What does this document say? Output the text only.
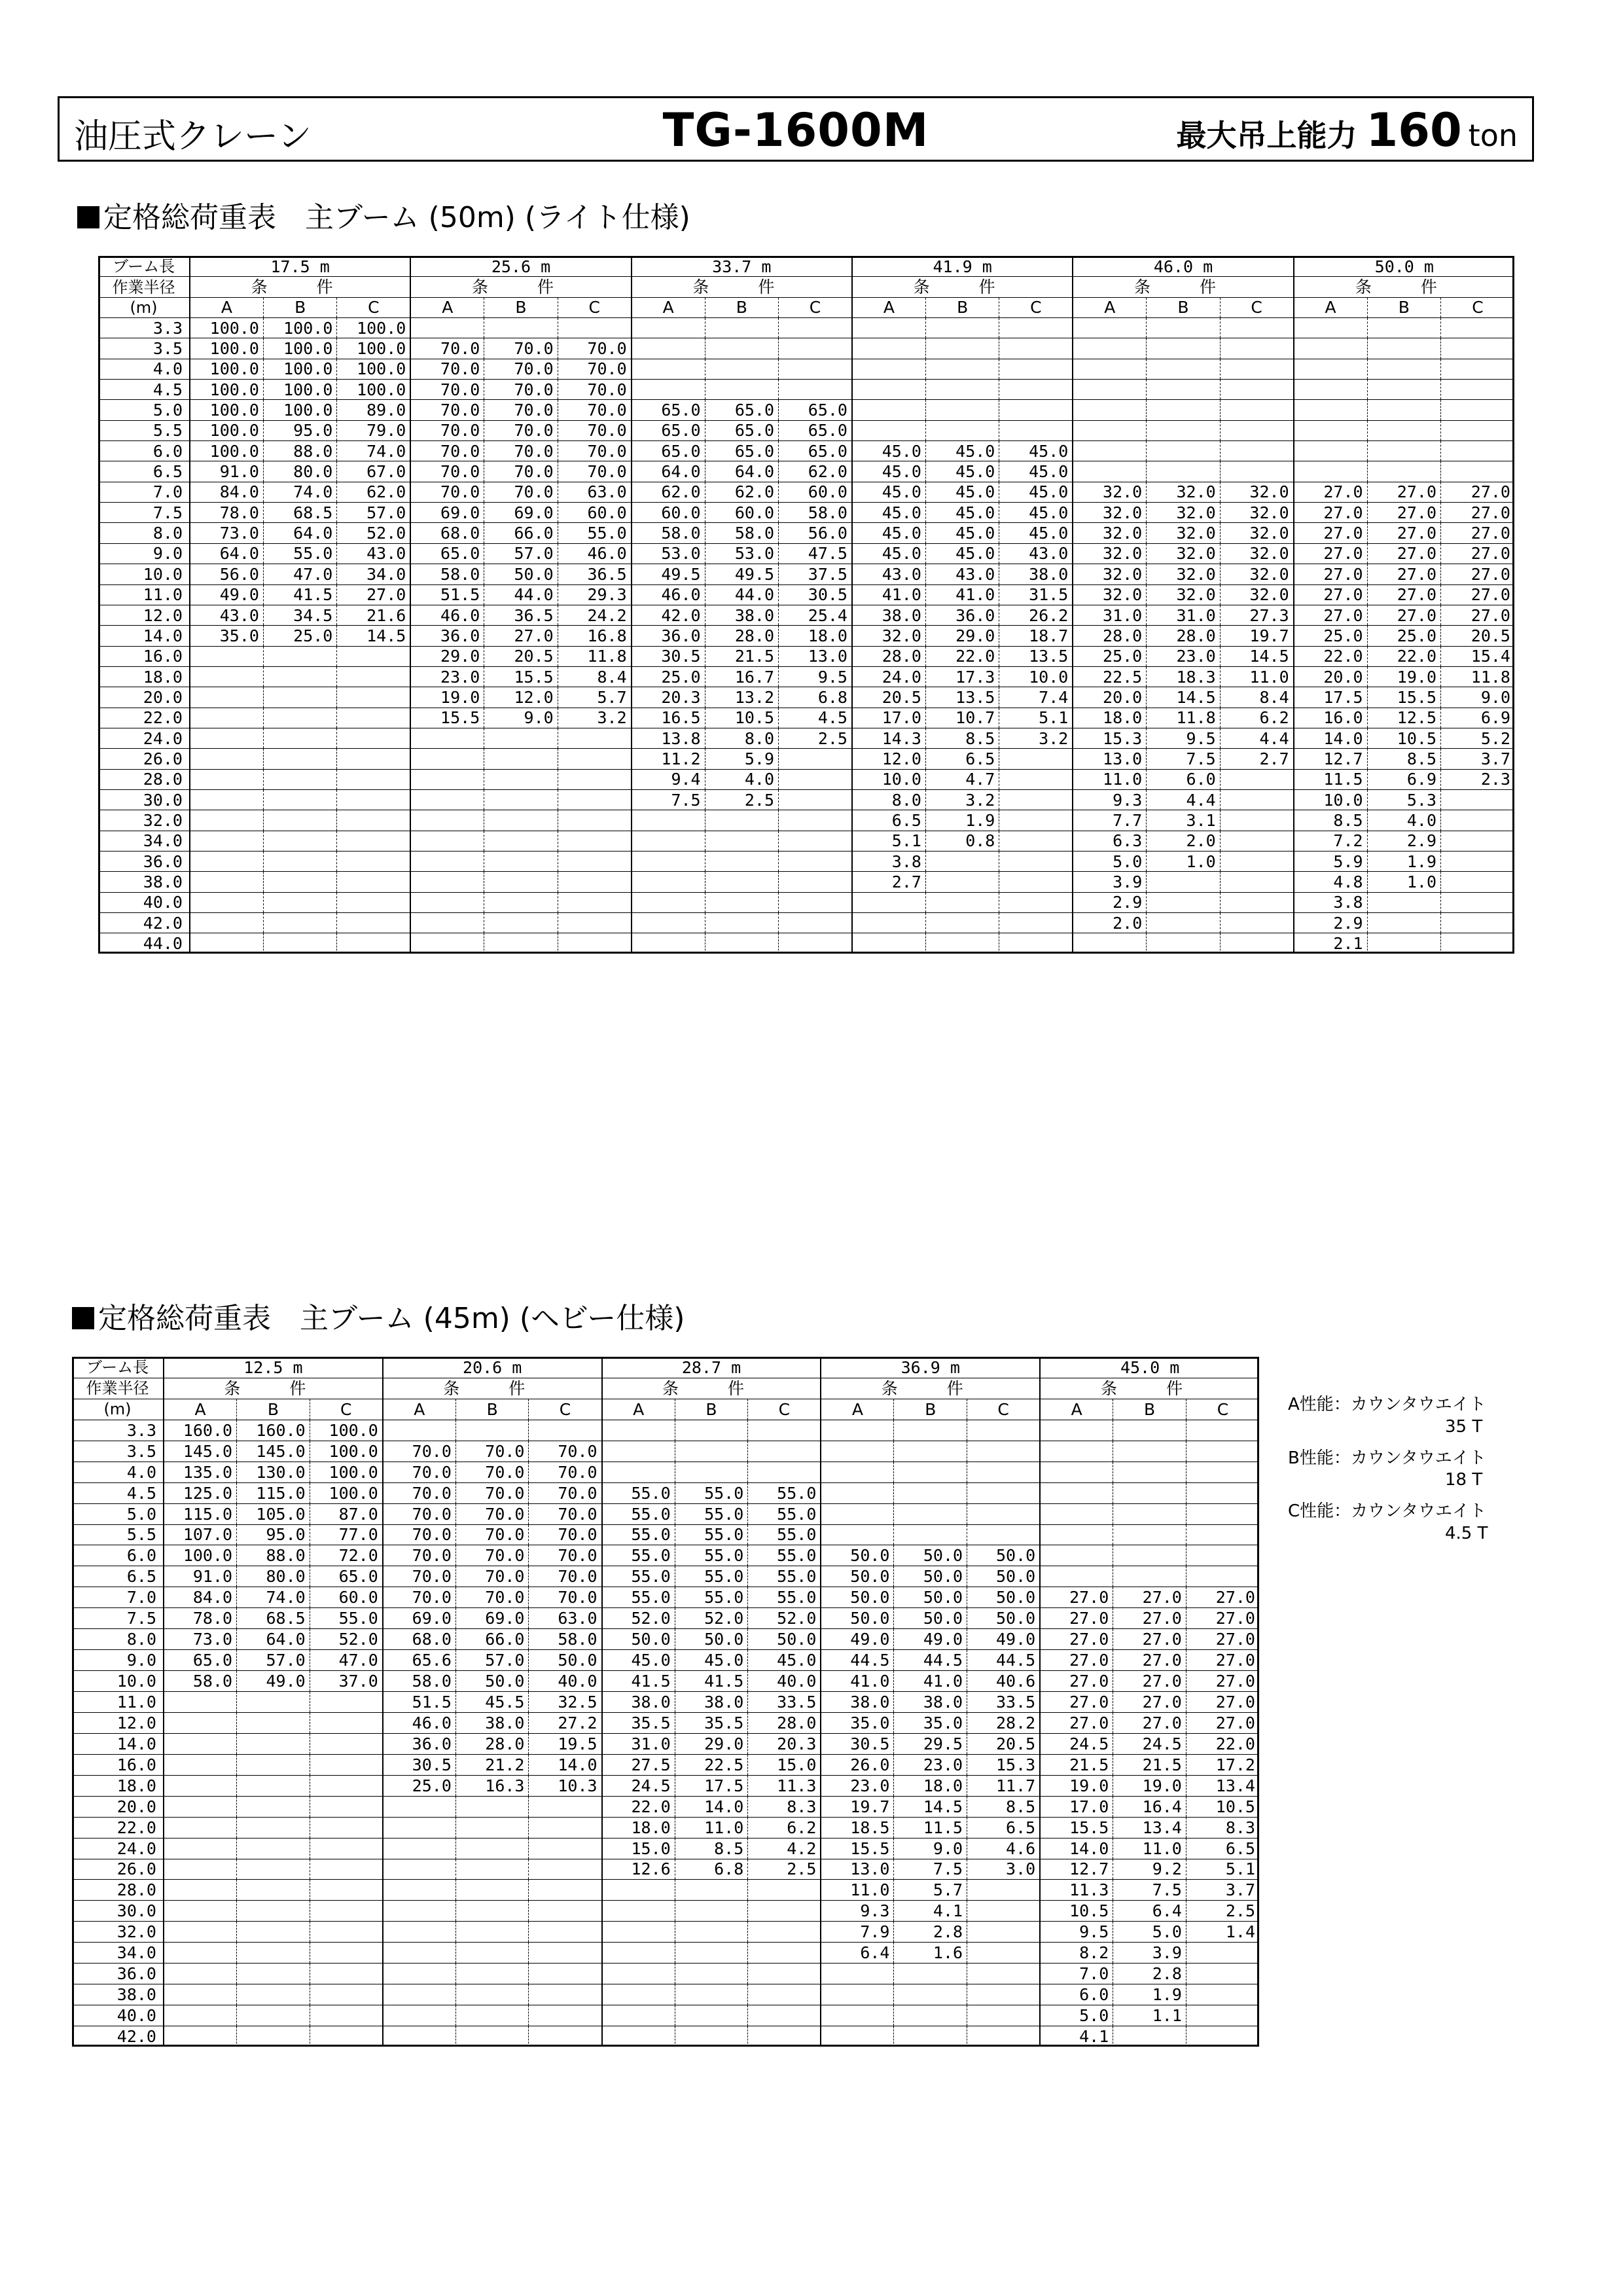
油圧式クレーン	TG-1600M	最大吊上能力 160 ton
定格総荷重表　主ブーム (50m) (ライト仕様)
ブーム長	17.5 m			25.6 m			33.7 m			41.9 m			46.0 m			50.0 m		
作業半径	条　件			条　件			条　件			条　件			条　件			条　件		
(m)	A	B	C	A	B	C	A	B	C	A	B	C	A	B	C	A	B	C
3.3	100.0	100.0	100.0															
3.5	100.0	100.0	100.0	70.0	70.0	70.0												
4.0	100.0	100.0	100.0	70.0	70.0	70.0												
4.5	100.0	100.0	100.0	70.0	70.0	70.0												
5.0	100.0	100.0	89.0	70.0	70.0	70.0	65.0	65.0	65.0									
5.5	100.0	95.0	79.0	70.0	70.0	70.0	65.0	65.0	65.0									
6.0	100.0	88.0	74.0	70.0	70.0	70.0	65.0	65.0	65.0	45.0	45.0	45.0						
6.5	91.0	80.0	67.0	70.0	70.0	70.0	64.0	64.0	62.0	45.0	45.0	45.0						
7.0	84.0	74.0	62.0	70.0	70.0	63.0	62.0	62.0	60.0	45.0	45.0	45.0	32.0	32.0	32.0	27.0	27.0	27.0
7.5	78.0	68.5	57.0	69.0	69.0	60.0	60.0	60.0	58.0	45.0	45.0	45.0	32.0	32.0	32.0	27.0	27.0	27.0
8.0	73.0	64.0	52.0	68.0	66.0	55.0	58.0	58.0	56.0	45.0	45.0	45.0	32.0	32.0	32.0	27.0	27.0	27.0
9.0	64.0	55.0	43.0	65.0	57.0	46.0	53.0	53.0	47.5	45.0	45.0	43.0	32.0	32.0	32.0	27.0	27.0	27.0
10.0	56.0	47.0	34.0	58.0	50.0	36.5	49.5	49.5	37.5	43.0	43.0	38.0	32.0	32.0	32.0	27.0	27.0	27.0
11.0	49.0	41.5	27.0	51.5	44.0	29.3	46.0	44.0	30.5	41.0	41.0	31.5	32.0	32.0	32.0	27.0	27.0	27.0
12.0	43.0	34.5	21.6	46.0	36.5	24.2	42.0	38.0	25.4	38.0	36.0	26.2	31.0	31.0	27.3	27.0	27.0	27.0
14.0	35.0	25.0	14.5	36.0	27.0	16.8	36.0	28.0	18.0	32.0	29.0	18.7	28.0	28.0	19.7	25.0	25.0	20.5
16.0				29.0	20.5	11.8	30.5	21.5	13.0	28.0	22.0	13.5	25.0	23.0	14.5	22.0	22.0	15.4
18.0				23.0	15.5	8.4	25.0	16.7	9.5	24.0	17.3	10.0	22.5	18.3	11.0	20.0	19.0	11.8
20.0				19.0	12.0	5.7	20.3	13.2	6.8	20.5	13.5	7.4	20.0	14.5	8.4	17.5	15.5	9.0
22.0				15.5	9.0	3.2	16.5	10.5	4.5	17.0	10.7	5.1	18.0	11.8	6.2	16.0	12.5	6.9
24.0							13.8	8.0	2.5	14.3	8.5	3.2	15.3	9.5	4.4	14.0	10.5	5.2
26.0							11.2	5.9		12.0	6.5		13.0	7.5	2.7	12.7	8.5	3.7
28.0							9.4	4.0		10.0	4.7		11.0	6.0		11.5	6.9	2.3
30.0							7.5	2.5		8.0	3.2		9.3	4.4		10.0	5.3	
32.0										6.5	1.9		7.7	3.1		8.5	4.0	
34.0										5.1	0.8		6.3	2.0		7.2	2.9	
36.0										3.8			5.0	1.0		5.9	1.9	
38.0										2.7			3.9			4.8	1.0	
40.0													2.9			3.8		
42.0													2.0			2.9		
44.0																2.1		
定格総荷重表　主ブーム (45m) (ヘビー仕様)
ブーム長	12.5 m			20.6 m			28.7 m			36.9 m			45.0 m		
作業半径	条　件			条　件			条　件			条　件			条　件		
(m)	A	B	C	A	B	C	A	B	C	A	B	C	A	B	C
3.3	160.0	160.0	100.0												
3.5	145.0	145.0	100.0	70.0	70.0	70.0									
4.0	135.0	130.0	100.0	70.0	70.0	70.0									
4.5	125.0	115.0	100.0	70.0	70.0	70.0	55.0	55.0	55.0						
5.0	115.0	105.0	87.0	70.0	70.0	70.0	55.0	55.0	55.0						
5.5	107.0	95.0	77.0	70.0	70.0	70.0	55.0	55.0	55.0						
6.0	100.0	88.0	72.0	70.0	70.0	70.0	55.0	55.0	55.0	50.0	50.0	50.0			
6.5	91.0	80.0	65.0	70.0	70.0	70.0	55.0	55.0	55.0	50.0	50.0	50.0			
7.0	84.0	74.0	60.0	70.0	70.0	70.0	55.0	55.0	55.0	50.0	50.0	50.0	27.0	27.0	27.0
7.5	78.0	68.5	55.0	69.0	69.0	63.0	52.0	52.0	52.0	50.0	50.0	50.0	27.0	27.0	27.0
8.0	73.0	64.0	52.0	68.0	66.0	58.0	50.0	50.0	50.0	49.0	49.0	49.0	27.0	27.0	27.0
9.0	65.0	57.0	47.0	65.6	57.0	50.0	45.0	45.0	45.0	44.5	44.5	44.5	27.0	27.0	27.0
10.0	58.0	49.0	37.0	58.0	50.0	40.0	41.5	41.5	40.0	41.0	41.0	40.6	27.0	27.0	27.0
11.0				51.5	45.5	32.5	38.0	38.0	33.5	38.0	38.0	33.5	27.0	27.0	27.0
12.0				46.0	38.0	27.2	35.5	35.5	28.0	35.0	35.0	28.2	27.0	27.0	27.0
14.0				36.0	28.0	19.5	31.0	29.0	20.3	30.5	29.5	20.5	24.5	24.5	22.0
16.0				30.5	21.2	14.0	27.5	22.5	15.0	26.0	23.0	15.3	21.5	21.5	17.2
18.0				25.0	16.3	10.3	24.5	17.5	11.3	23.0	18.0	11.7	19.0	19.0	13.4
20.0							22.0	14.0	8.3	19.7	14.5	8.5	17.0	16.4	10.5
22.0							18.0	11.0	6.2	18.5	11.5	6.5	15.5	13.4	8.3
24.0							15.0	8.5	4.2	15.5	9.0	4.6	14.0	11.0	6.5
26.0							12.6	6.8	2.5	13.0	7.5	3.0	12.7	9.2	5.1
28.0										11.0	5.7		11.3	7.5	3.7
30.0										9.3	4.1		10.5	6.4	2.5
32.0										7.9	2.8		9.5	5.0	1.4
34.0										6.4	1.6		8.2	3.9	
36.0													7.0	2.8	
38.0													6.0	1.9	
40.0													5.0	1.1	
42.0													4.1		
A性能：カウンタウエイト
35 T
B性能：カウンタウエイト
18 T
C性能：カウンタウエイト
4.5 T
